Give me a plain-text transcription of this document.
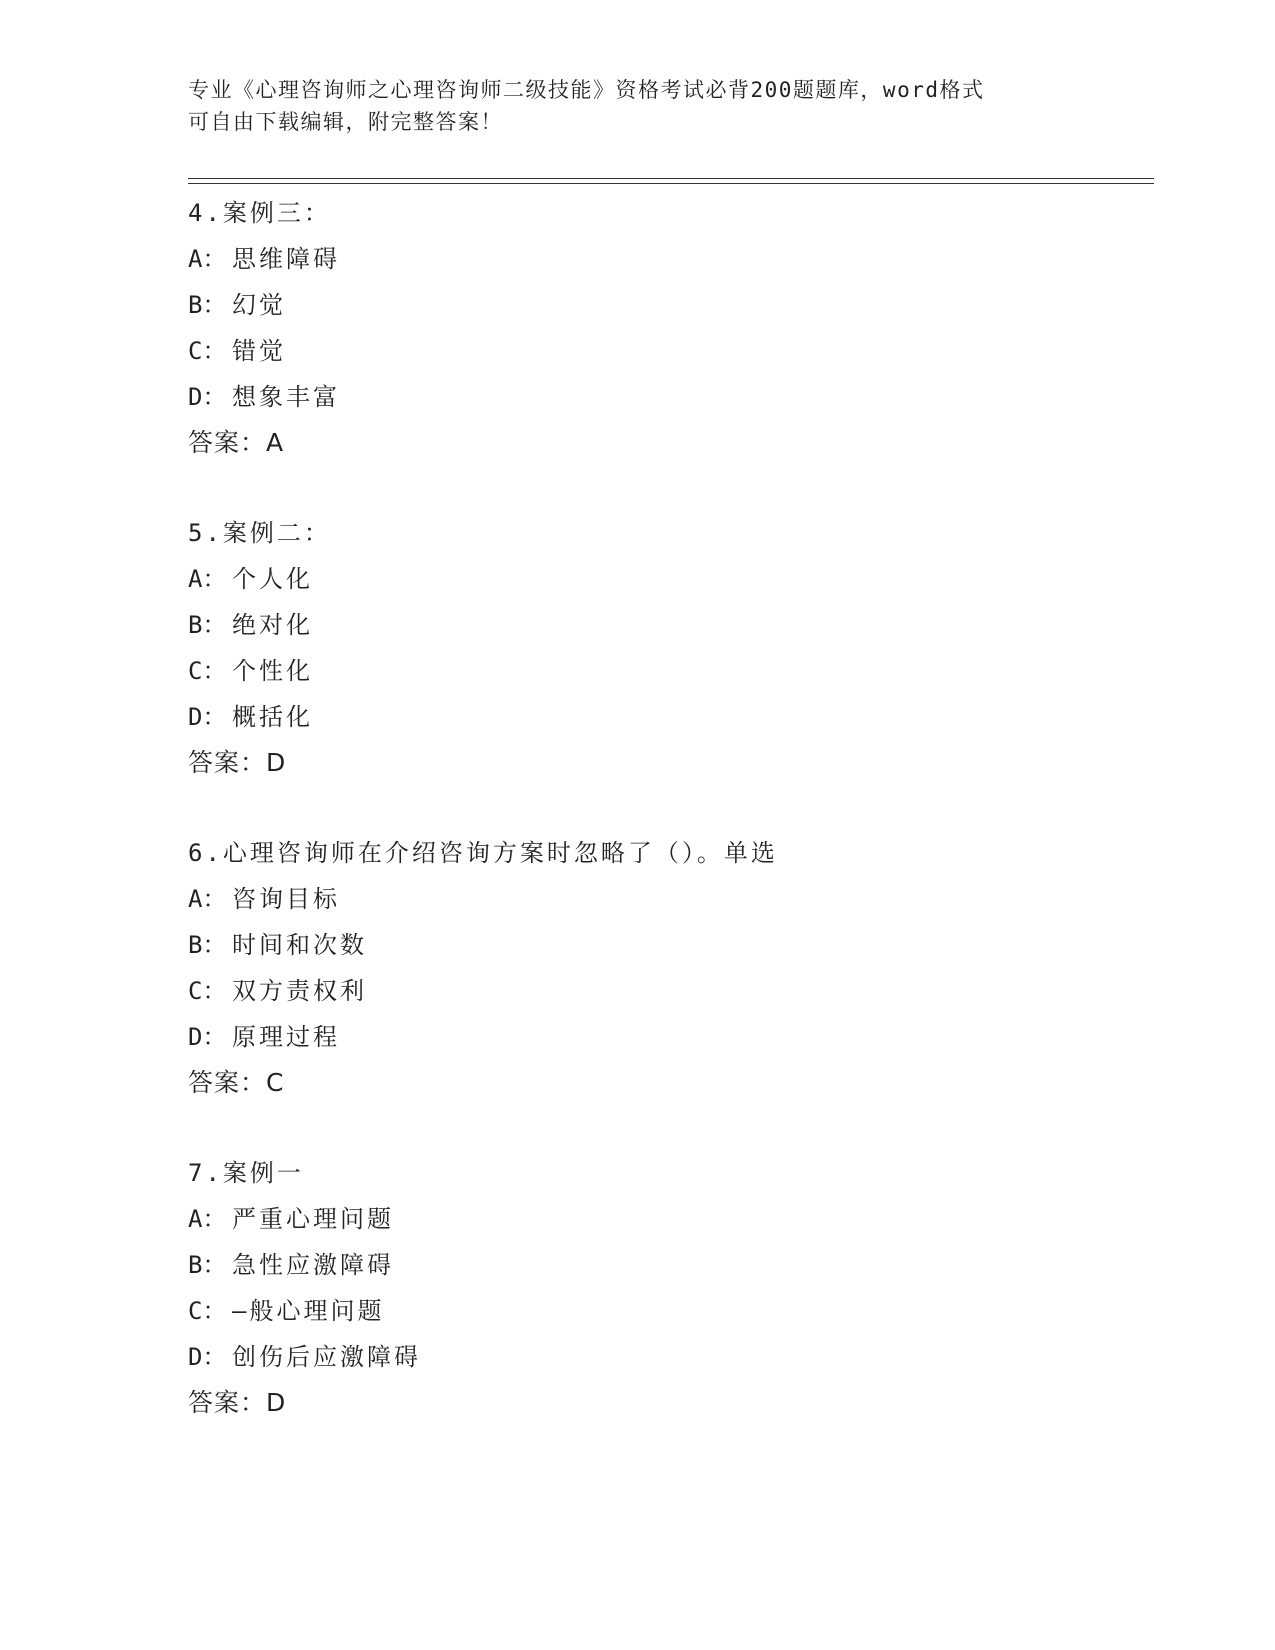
专业《心理咨询师之心理咨询师二级技能》资格考试必背200题题库，word格式
可自由下载编辑，附完整答案！
4.案例三：
A： 思维障碍
B： 幻觉
C： 错觉
D： 想象丰富
答案：A
5.案例二：
A： 个人化
B： 绝对化
C： 个性化
D： 概括化
答案：D
6.心理咨询师在介绍咨询方案时忽略了（）。单选
A： 咨询目标
B： 时间和次数
C： 双方责权利
D： 原理过程
答案：C
7.案例一
A： 严重心理问题
B： 急性应激障碍
C： —般心理问题
D： 创伤后应激障碍
答案：D
